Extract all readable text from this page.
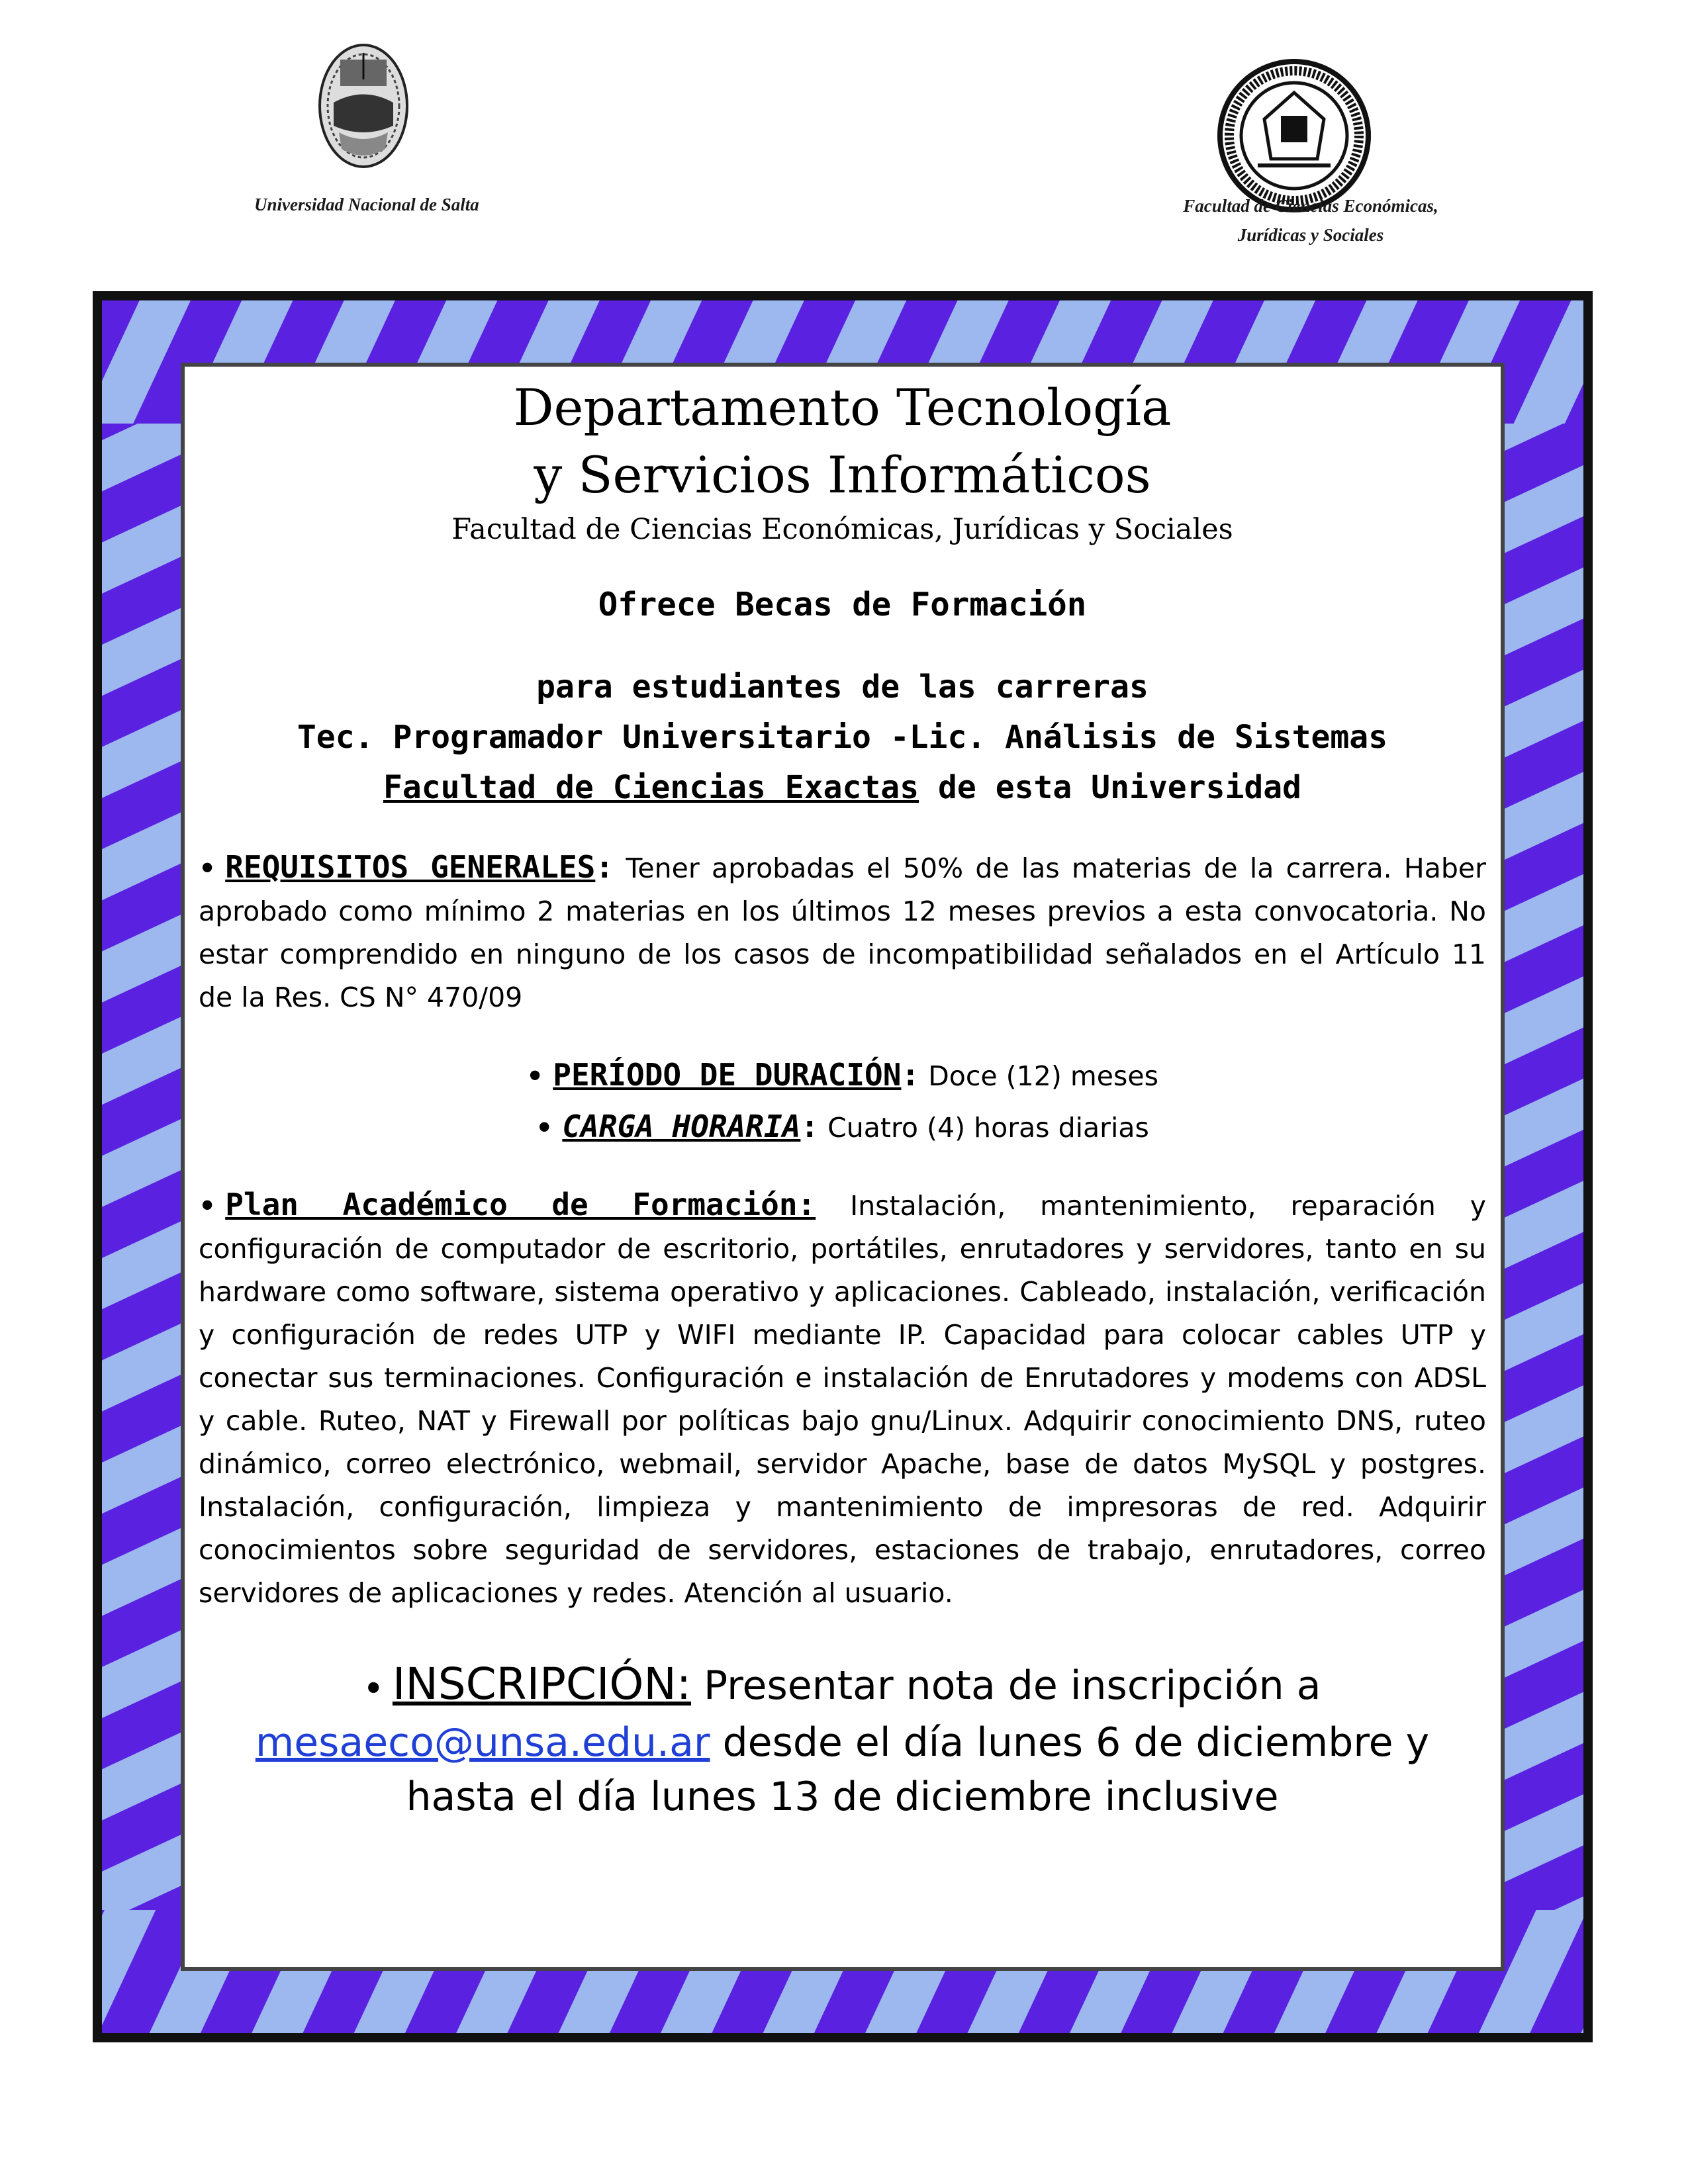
Universidad Nacional de Salta	Facultad de Ciencias Económicas,
Jurídicas y Sociales
Departamento Tecnología
y Servicios Informáticos
Facultad de Ciencias Económicas, Jurídicas y Sociales
Ofrece Becas de Formación
para estudiantes de las carreras
Tec. Programador Universitario -Lic. Análisis de Sistemas
Facultad de Ciencias Exactas de esta Universidad
• REQUISITOS GENERALES: Tener aprobadas el 50% de las materias de la carrera. Haber aprobado como mínimo 2 materias en los últimos 12 meses previos a esta convocatoria. No estar comprendido en ninguno de los casos de incompatibilidad señalados en el Artículo 11 de la Res. CS N° 470/09
• PERÍODO DE DURACIÓN: Doce (12) meses
• CARGA HORARIA: Cuatro (4) horas diarias
• Plan Académico de Formación: Instalación, mantenimiento, reparación y configuración de computador de escritorio, portátiles, enrutadores y servidores, tanto en su hardware como software, sistema operativo y aplicaciones. Cableado, instalación, verificación y configuración de redes UTP y WIFI mediante IP. Capacidad para colocar cables UTP y conectar sus terminaciones. Configuración e instalación de Enrutadores y modems con ADSL y cable. Ruteo, NAT y Firewall por políticas bajo gnu/Linux. Adquirir conocimiento DNS, ruteo dinámico, correo electrónico, webmail, servidor Apache, base de datos MySQL y postgres. Instalación, configuración, limpieza y mantenimiento de impresoras de red. Adquirir conocimientos sobre seguridad de servidores, estaciones de trabajo, enrutadores, correo servidores de aplicaciones y redes. Atención al usuario.
• INSCRIPCIÓN: Presentar nota de inscripción a
mesaeco@unsa.edu.ar desde el día lunes 6 de diciembre y
hasta el día lunes 13 de diciembre inclusive
